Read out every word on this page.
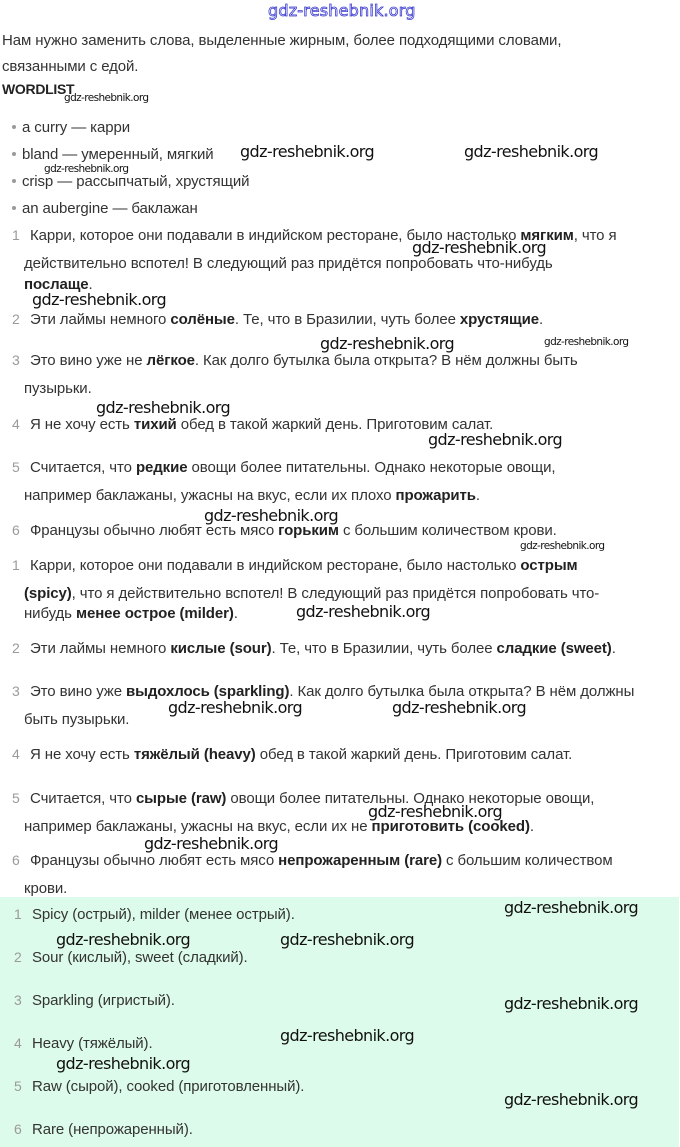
gdz-reshebnik.org
Нам нужно заменить слова, выделенные жирным, более подходящими словами,
связанными с едой.
WORDLIST
a curry — карри
bland — умеренный, мягкий
crisp — рассыпчатый, хрустящий
an aubergine — баклажан
1 Карри, которое они подавали в индийском ресторане, было настолько мягким, что я
действительно вспотел! В следующий раз придётся попробовать что-нибудь
послаще.
2 Эти лаймы немного солёные. Те, что в Бразилии, чуть более хрустящие.
3 Это вино уже не лёгкое. Как долго бутылка была открыта? В нём должны быть
пузырьки.
4 Я не хочу есть тихий обед в такой жаркий день. Приготовим салат.
5 Считается, что редкие овощи более питательны. Однако некоторые овощи,
например баклажаны, ужасны на вкус, если их плохо прожарить.
6 Французы обычно любят есть мясо горьким с большим количеством крови.
1 Карри, которое они подавали в индийском ресторане, было настолько острым
(spicy), что я действительно вспотел! В следующий раз придётся попробовать что-
нибудь менее острое (milder).
2 Эти лаймы немного кислые (sour). Те, что в Бразилии, чуть более сладкие (sweet).
3 Это вино уже выдохлось (sparkling). Как долго бутылка была открыта? В нём должны
быть пузырьки.
4 Я не хочу есть тяжёлый (heavy) обед в такой жаркий день. Приготовим салат.
5 Считается, что сырые (raw) овощи более питательны. Однако некоторые овощи,
например баклажаны, ужасны на вкус, если их не приготовить (cooked).
6 Французы обычно любят есть мясо непрожаренным (rare) с большим количеством
крови.
1 Spicy (острый), milder (менее острый).
2 Sour (кислый), sweet (сладкий).
3 Sparkling (игристый).
4 Heavy (тяжёлый).
5 Raw (сырой), cooked (приготовленный).
6 Rare (непрожаренный).
gdz-reshebnik.org
gdz-reshebnik.org	gdz-reshebnik.org
gdz-reshebnik.org
gdz-reshebnik.org
gdz-reshebnik.org
gdz-reshebnik.org	gdz-reshebnik.org
gdz-reshebnik.org
gdz-reshebnik.org
gdz-reshebnik.org
gdz-reshebnik.org
gdz-reshebnik.org
gdz-reshebnik.org	gdz-reshebnik.org
gdz-reshebnik.org
gdz-reshebnik.org
gdz-reshebnik.org
gdz-reshebnik.org	gdz-reshebnik.org
gdz-reshebnik.org
gdz-reshebnik.org
gdz-reshebnik.org
gdz-reshebnik.org
